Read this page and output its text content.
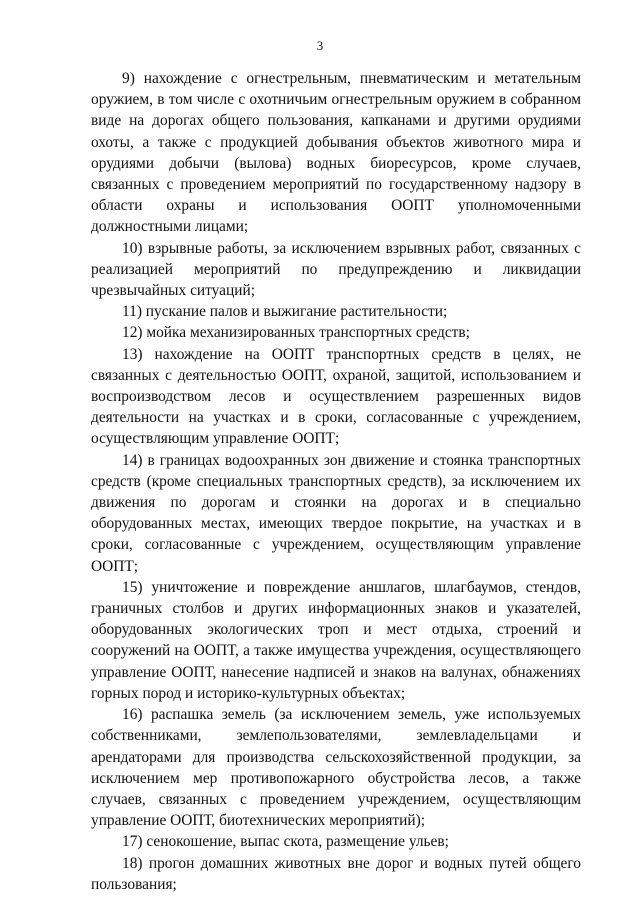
3

9) нахождение с огнестрельным, пневматическим и метательным оружием, в том числе с охотничьим огнестрельным оружием в собранном виде на дорогах общего пользования, капканами и другими орудиями охоты, а также с продукцией добывания объектов животного мира и орудиями добычи (вылова) водных биоресурсов, кроме случаев, связанных с проведением мероприятий по государственному надзору в области охраны и использования ООПТ уполномоченными должностными лицами;

10) взрывные работы, за исключением взрывных работ, связанных с реализацией мероприятий по предупреждению и ликвидации чрезвычайных ситуаций;

11) пускание палов и выжигание растительности;

12) мойка механизированных транспортных средств;

13) нахождение на ООПТ транспортных средств в целях, не связанных с деятельностью ООПТ, охраной, защитой, использованием и воспроизводством лесов и осуществлением разрешенных видов деятельности на участках и в сроки, согласованные с учреждением, осуществляющим управление ООПТ;

14) в границах водоохранных зон движение и стоянка транспортных средств (кроме специальных транспортных средств), за исключением их движения по дорогам и стоянки на дорогах и в специально оборудованных местах, имеющих твердое покрытие, на участках и в сроки, согласованные с учреждением, осуществляющим управление ООПТ;

15) уничтожение и повреждение аншлагов, шлагбаумов, стендов, граничных столбов и других информационных знаков и указателей, оборудованных экологических троп и мест отдыха, строений и сооружений на ООПТ, а также имущества учреждения, осуществляющего управление ООПТ, нанесение надписей и знаков на валунах, обнажениях горных пород и историко-культурных объектах;

16) распашка земель (за исключением земель, уже используемых собственниками, землепользователями, землевладельцами и арендаторами для производства сельскохозяйственной продукции, за исключением мер противопожарного обустройства лесов, а также случаев, связанных с проведением учреждением, осуществляющим управление ООПТ, биотехнических мероприятий);

17) сенокошение, выпас скота, размещение ульев;

18) прогон домашних животных вне дорог и водных путей общего пользования;
